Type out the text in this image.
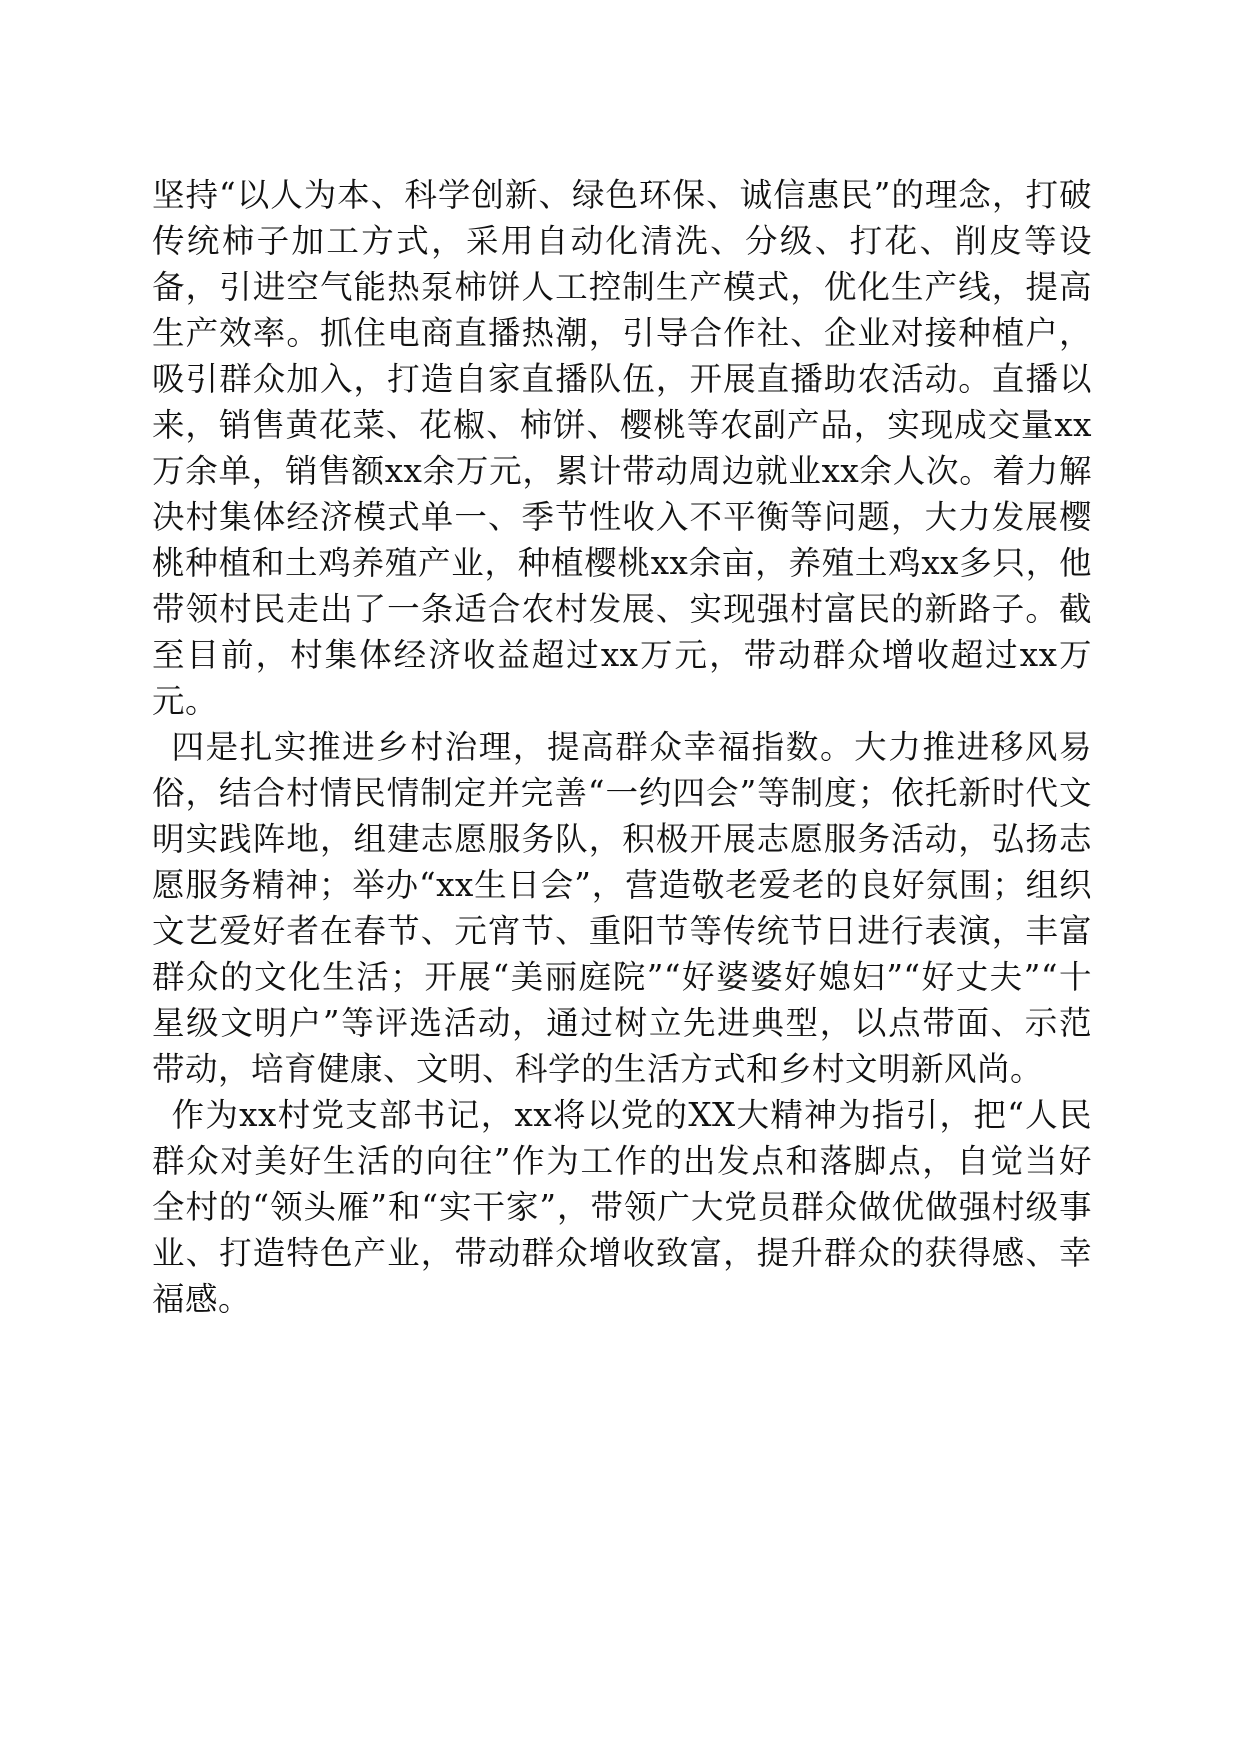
坚持“以人为本、科学创新、绿色环保、诚信惠民”的理念，打破传统柿子加工方式，采用自动化清洗、分级、打花、削皮等设备，引进空气能热泵柿饼人工控制生产模式，优化生产线，提高生产效率。抓住电商直播热潮，引导合作社、企业对接种植户，吸引群众加入，打造自家直播队伍，开展直播助农活动。直播以来，销售黄花菜、花椒、柿饼、樱桃等农副产品，实现成交量xx万余单，销售额xx余万元，累计带动周边就业xx余人次。着力解决村集体经济模式单一、季节性收入不平衡等问题，大力发展樱桃种植和土鸡养殖产业，种植樱桃xx余亩，养殖土鸡xx多只，他带领村民走出了一条适合农村发展、实现强村富民的新路子。截至目前，村集体经济收益超过xx万元，带动群众增收超过xx万元。

四是扎实推进乡村治理，提高群众幸福指数。大力推进移风易俗，结合村情民情制定并完善“一约四会”等制度；依托新时代文明实践阵地，组建志愿服务队，积极开展志愿服务活动，弘扬志愿服务精神；举办“xx生日会”，营造敬老爱老的良好氛围；组织文艺爱好者在春节、元宵节、重阳节等传统节日进行表演，丰富群众的文化生活；开展“美丽庭院”“好婆婆好媳妇”“好丈夫”“十星级文明户”等评选活动，通过树立先进典型，以点带面、示范带动，培育健康、文明、科学的生活方式和乡村文明新风尚。

作为xx村党支部书记，xx将以党的XX大精神为指引，把“人民群众对美好生活的向往”作为工作的出发点和落脚点，自觉当好全村的“领头雁”和“实干家”，带领广大党员群众做优做强村级事业、打造特色产业，带动群众增收致富，提升群众的获得感、幸福感。
